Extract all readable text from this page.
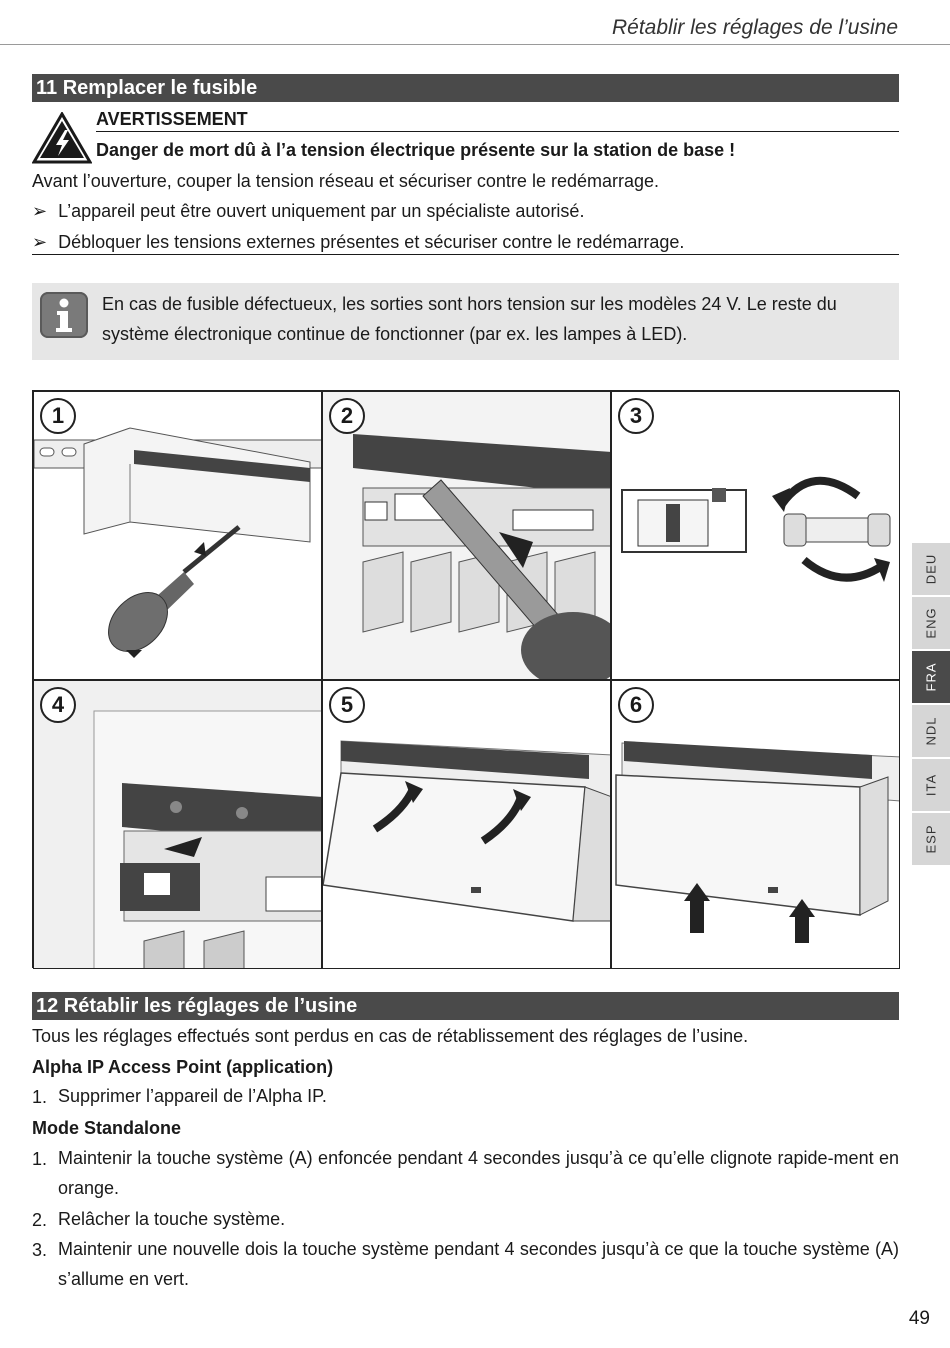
Rétablir les réglages de l’usine
11 Remplacer le fusible
AVERTISSEMENT
Danger de mort dû à l’a tension électrique présente sur la station de base !
Avant l’ouverture, couper la tension réseau et sécuriser contre le redémarrage.
➢ L’appareil peut être ouvert uniquement par un spécialiste autorisé.
➢ Débloquer les tensions externes présentes et sécuriser contre le redémarrage.
En cas de fusible défectueux, les sorties sont hors tension sur les modèles 24 V. Le reste du
système électronique continue de fonctionner (par ex. les lampes à LED).
1	2	3
4	5	6
12 Rétablir les réglages de l’usine
Tous les réglages effectués sont perdus en cas de rétablissement des réglages de l’usine.
Alpha IP Access Point (application)
1. Supprimer l’appareil de l’Alpha IP.
Mode Standalone
1. Maintenir la touche système (A) enfoncée pendant 4 secondes jusqu’à ce qu’elle clignote rapide-ment en orange.
2. Relâcher la touche système.
3. Maintenir une nouvelle dois la touche système pendant 4 secondes jusqu’à ce que la touche système (A) s’allume en vert.
DEU
ENG
FRA
NDL
ITA
ESP
49
